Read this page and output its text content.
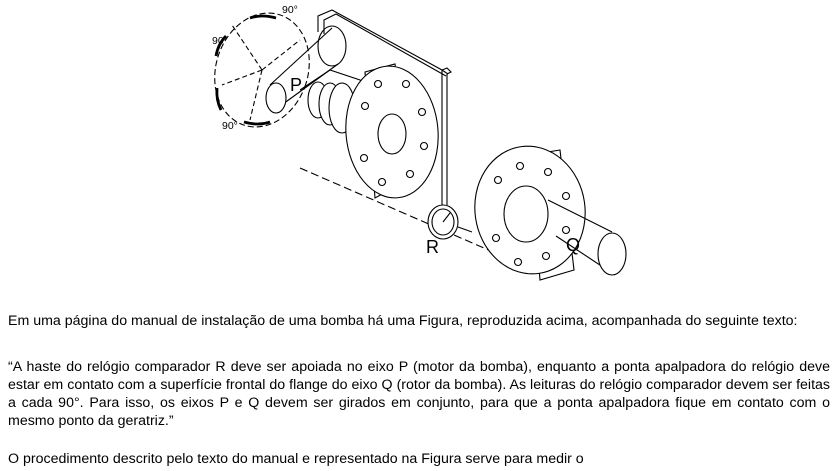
90°
90°
90°
P
R	Q

Em uma página do manual de instalação de uma bomba há uma Figura, reproduzida acima, acompanhada do seguinte texto:

“A haste do relógio comparador R deve ser apoiada no eixo P (motor da bomba), enquanto a ponta apalpadora do relógio deve estar em contato com a superfície frontal do flange do eixo Q (rotor da bomba). As leituras do relógio comparador devem ser feitas a cada 90°. Para isso, os eixos P e Q devem ser girados em conjunto, para que a ponta apalpadora fique em contato com o mesmo ponto da geratriz.”

O procedimento descrito pelo texto do manual e representado na Figura serve para medir o
